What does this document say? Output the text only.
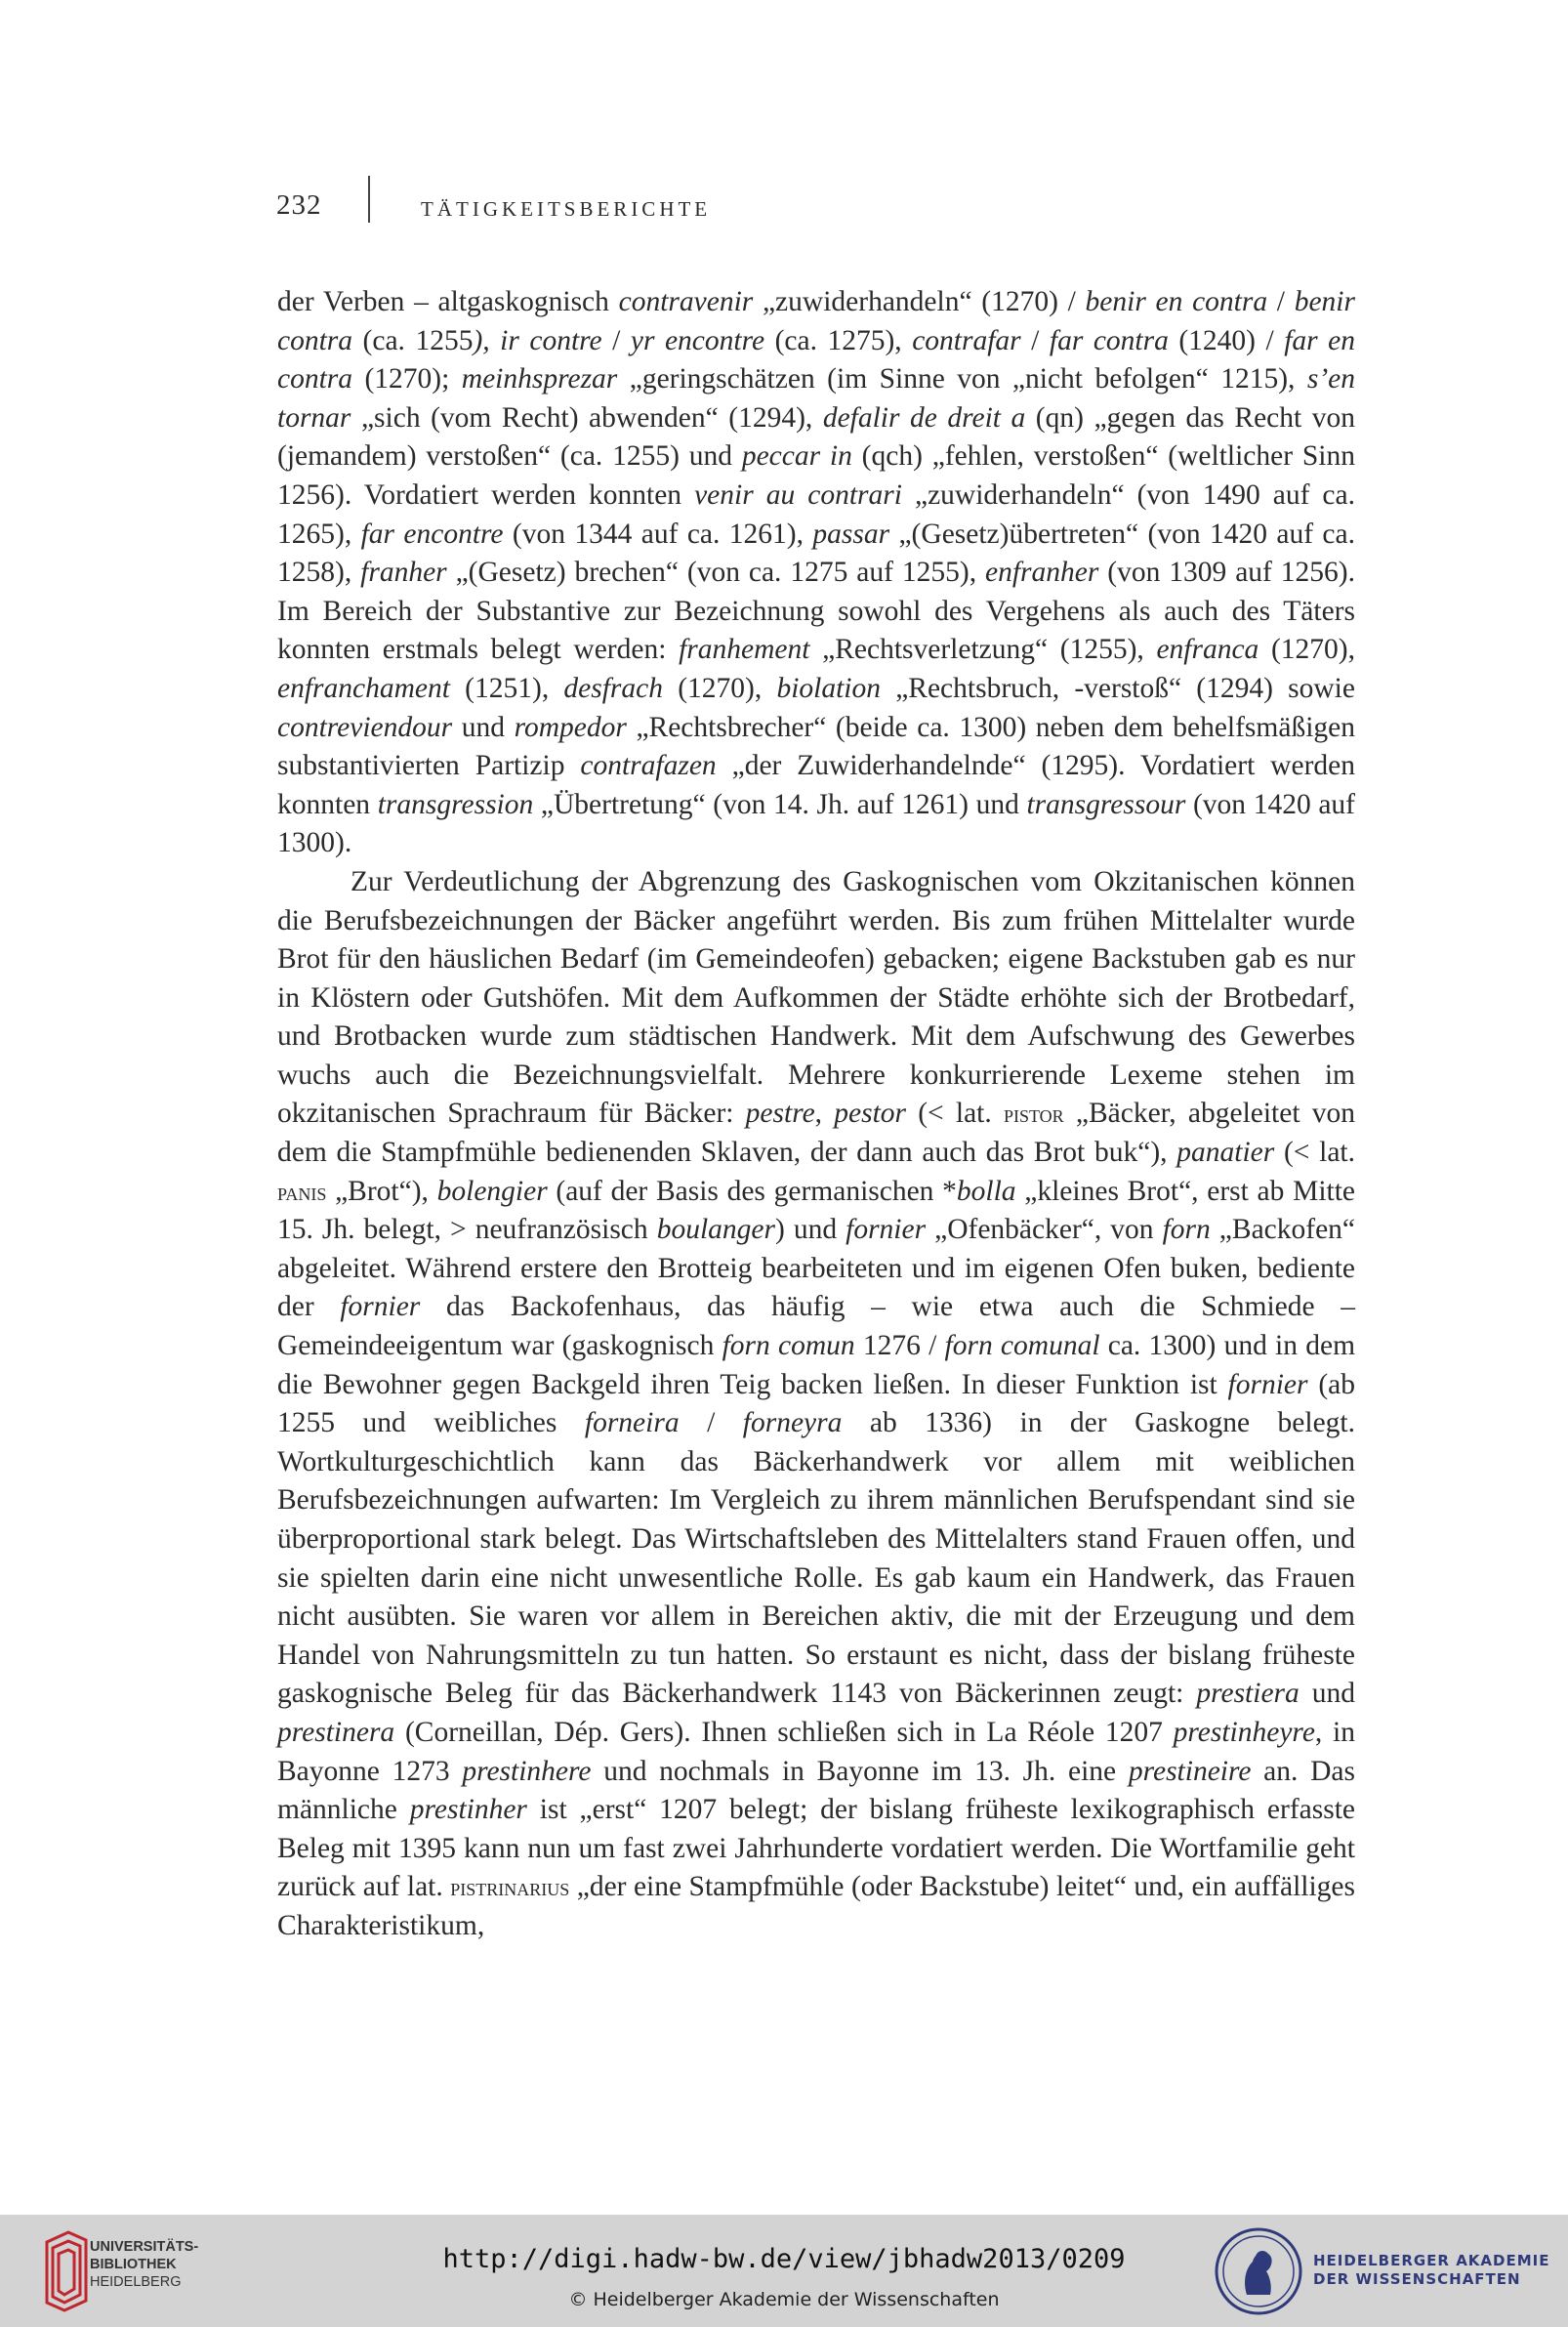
232	TÄTIGKEITSBERICHTE

der Verben – altgaskognisch contravenir „zuwiderhandeln“ (1270) / benir en contra / benir contra (ca. 1255), ir contre / yr encontre (ca. 1275), contrafar / far contra (1240) / far en contra (1270); meinhsprezar „geringschätzen (im Sinne von „nicht befolgen“ 1215), s’en tornar „sich (vom Recht) abwenden“ (1294), defalir de dreit a (qn) „gegen das Recht von (jemandem) verstoßen“ (ca. 1255) und peccar in (qch) „fehlen, verstoßen“ (weltlicher Sinn 1256). Vordatiert werden konnten venir au contrari „zuwiderhandeln“ (von 1490 auf ca. 1265), far encontre (von 1344 auf ca. 1261), passar „(Gesetz)übertreten“ (von 1420 auf ca. 1258), franher „(Gesetz) brechen“ (von ca. 1275 auf 1255), enfranher (von 1309 auf 1256). Im Bereich der Substantive zur Bezeichnung sowohl des Vergehens als auch des Täters konnten erstmals belegt werden: franhement „Rechtsverletzung“ (1255), enfranca (1270), enfranchament (1251), desfrach (1270), biolation „Rechtsbruch, -verstoß“ (1294) sowie contreviendour und rompedor „Rechtsbrecher“ (beide ca. 1300) neben dem behelfsmäßigen substantivierten Partizip contrafazen „der Zuwiderhandelnde“ (1295). Vordatiert werden konnten transgression „Übertretung“ (von 14. Jh. auf 1261) und transgressour (von 1420 auf 1300).

Zur Verdeutlichung der Abgrenzung des Gaskognischen vom Okzitanischen können die Berufsbezeichnungen der Bäcker angeführt werden. Bis zum frühen Mittelalter wurde Brot für den häuslichen Bedarf (im Gemeindeofen) gebacken; eigene Backstuben gab es nur in Klöstern oder Gutshöfen. Mit dem Aufkommen der Städte erhöhte sich der Brotbedarf, und Brotbacken wurde zum städtischen Handwerk. Mit dem Aufschwung des Gewerbes wuchs auch die Bezeichnungsvielfalt. Mehrere konkurrierende Lexeme stehen im okzitanischen Sprachraum für Bäcker: pestre, pestor (< lat. pistor „Bäcker, abgeleitet von dem die Stampfmühle bedienenden Sklaven, der dann auch das Brot buk“), panatier (< lat. panis „Brot“), bolengier (auf der Basis des germanischen *bolla „kleines Brot“, erst ab Mitte 15. Jh. belegt, > neufranzösisch boulanger) und fornier „Ofenbäcker“, von forn „Backofen“ abgeleitet. Während erstere den Brotteig bearbeiteten und im eigenen Ofen buken, bediente der fornier das Backofenhaus, das häufig – wie etwa auch die Schmiede – Gemeindeeigentum war (gaskognisch forn comun 1276 / forn comunal ca. 1300) und in dem die Bewohner gegen Backgeld ihren Teig backen ließen. In dieser Funktion ist fornier (ab 1255 und weibliches forneira / forneyra ab 1336) in der Gaskogne belegt. Wortkulturgeschichtlich kann das Bäckerhandwerk vor allem mit weiblichen Berufsbezeichnungen aufwarten: Im Vergleich zu ihrem männlichen Berufspendant sind sie überproportional stark belegt. Das Wirtschaftsleben des Mittelalters stand Frauen offen, und sie spielten darin eine nicht unwesentliche Rolle. Es gab kaum ein Handwerk, das Frauen nicht ausübten. Sie waren vor allem in Bereichen aktiv, die mit der Erzeugung und dem Handel von Nahrungsmitteln zu tun hatten. So erstaunt es nicht, dass der bislang früheste gaskognische Beleg für das Bäckerhandwerk 1143 von Bäckerinnen zeugt: prestiera und prestinera (Corneillan, Dép. Gers). Ihnen schließen sich in La Réole 1207 prestinheyre, in Bayonne 1273 prestinhere und nochmals in Bayonne im 13. Jh. eine prestineire an. Das männliche prestinher ist „erst“ 1207 belegt; der bislang früheste lexikographisch erfasste Beleg mit 1395 kann nun um fast zwei Jahrhunderte vordatiert werden. Die Wortfamilie geht zurück auf lat. pistrinarius „der eine Stampfmühle (oder Backstube) leitet“ und, ein auffälliges Charakteristikum,

UNIVERSITÄTS-
BIBLIOTHEK
HEIDELBERG
http://digi.hadw-bw.de/view/jbhadw2013/0209
© Heidelberger Akademie der Wissenschaften
HEIDELBERGER AKADEMIE
DER WISSENSCHAFTEN
